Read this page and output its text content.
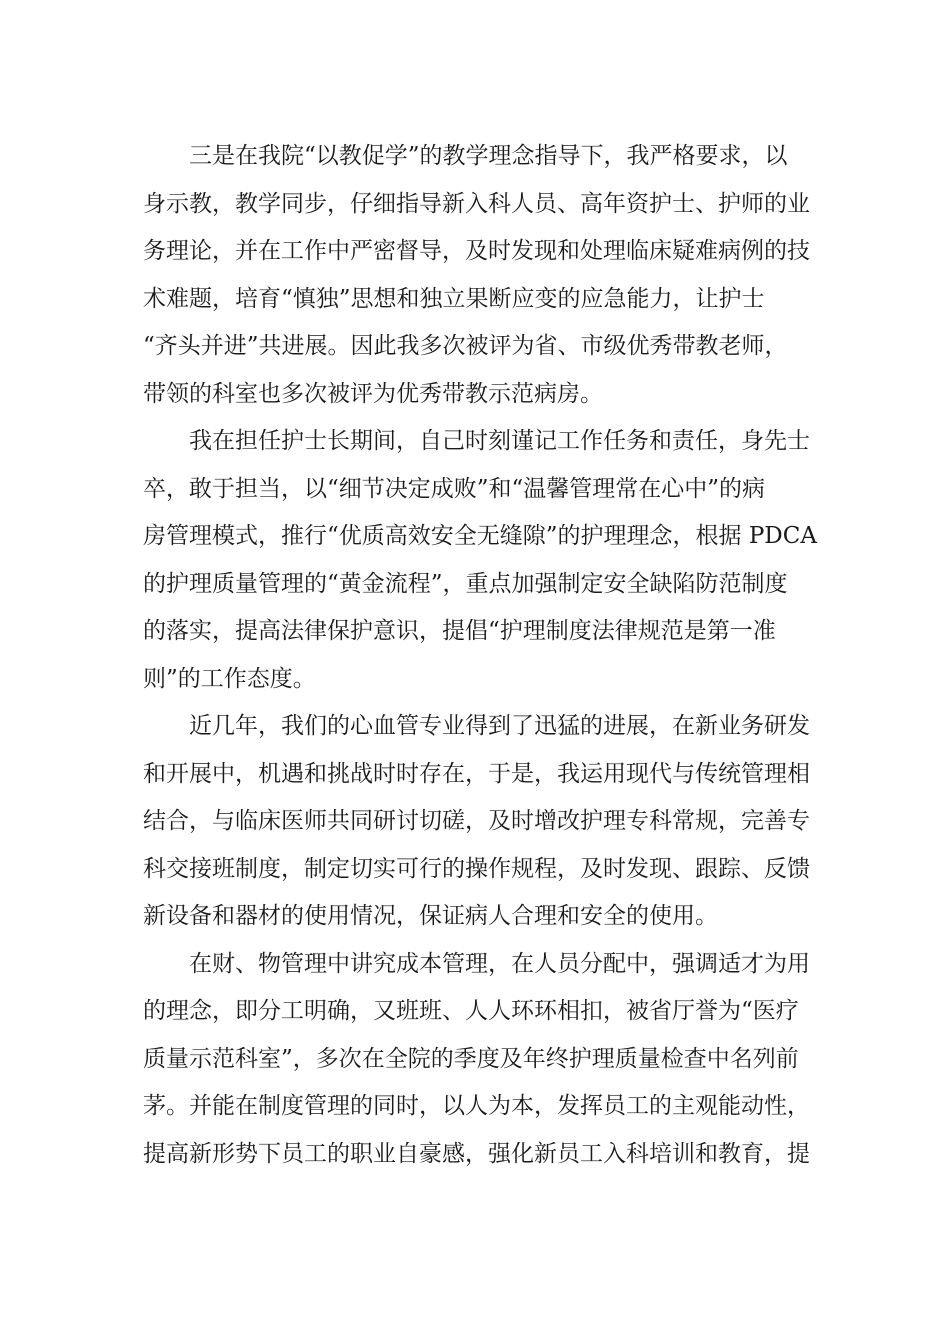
　　三是在我院“以教促学”的教学理念指导下，我严格要求，以
身示教，教学同步，仔细指导新入科人员、高年资护士、护师的业
务理论，并在工作中严密督导，及时发现和处理临床疑难病例的技
术难题，培育“慎独”思想和独立果断应变的应急能力，让护士
“齐头并进”共进展。因此我多次被评为省、市级优秀带教老师，
带领的科室也多次被评为优秀带教示范病房。
　　我在担任护士长期间，自己时刻谨记工作任务和责任，身先士
卒，敢于担当，以“细节决定成败”和“温馨管理常在心中”的病
房管理模式，推行“优质高效安全无缝隙”的护理理念，根据 PDCA
的护理质量管理的“黄金流程”，重点加强制定安全缺陷防范制度
的落实，提高法律保护意识，提倡“护理制度法律规范是第一准
则”的工作态度。
　　近几年，我们的心血管专业得到了迅猛的进展，在新业务研发
和开展中，机遇和挑战时时存在，于是，我运用现代与传统管理相
结合，与临床医师共同研讨切磋，及时增改护理专科常规，完善专
科交接班制度，制定切实可行的操作规程，及时发现、跟踪、反馈
新设备和器材的使用情况，保证病人合理和安全的使用。
　　在财、物管理中讲究成本管理，在人员分配中，强调适才为用
的理念，即分工明确，又班班、人人环环相扣，被省厅誉为“医疗
质量示范科室”，多次在全院的季度及年终护理质量检查中名列前
茅。并能在制度管理的同时，以人为本，发挥员工的主观能动性，
提高新形势下员工的职业自豪感，强化新员工入科培训和教育，提
